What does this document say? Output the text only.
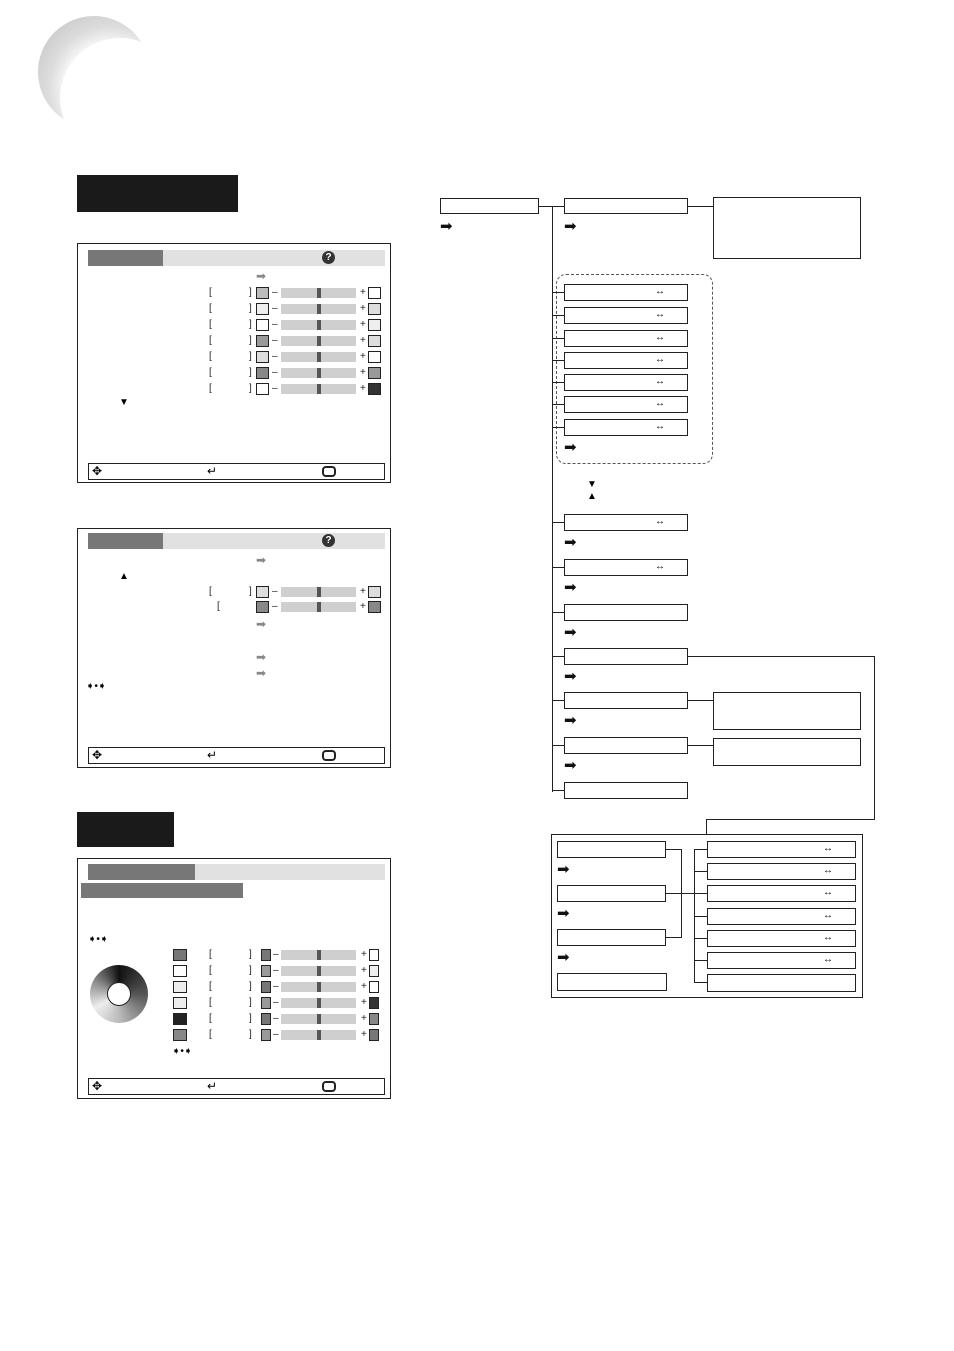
?
➡
[	] –	+
[	] –	+
[	] –	+
[	] –	+
[	] –	+
[	] –	+
[	] –	+
▼
✥	↵
?
➡
▲
[	] –	+
[	–	+
➡
➡
➡
➧•➧
✥	↵
➧•➧
[	] –	+
[	] –	+
[	] –	+
[	] –	+
[	] –	+
[	] –	+
➧•➧
✥	↵
➡	➡
↔
↔
↔
↔
↔
↔
↔
➡
▼
▲
↔
➡
↔
➡
➡
➡
➡
➡
➡
➡
➡
↔
↔
↔
↔
↔
↔
